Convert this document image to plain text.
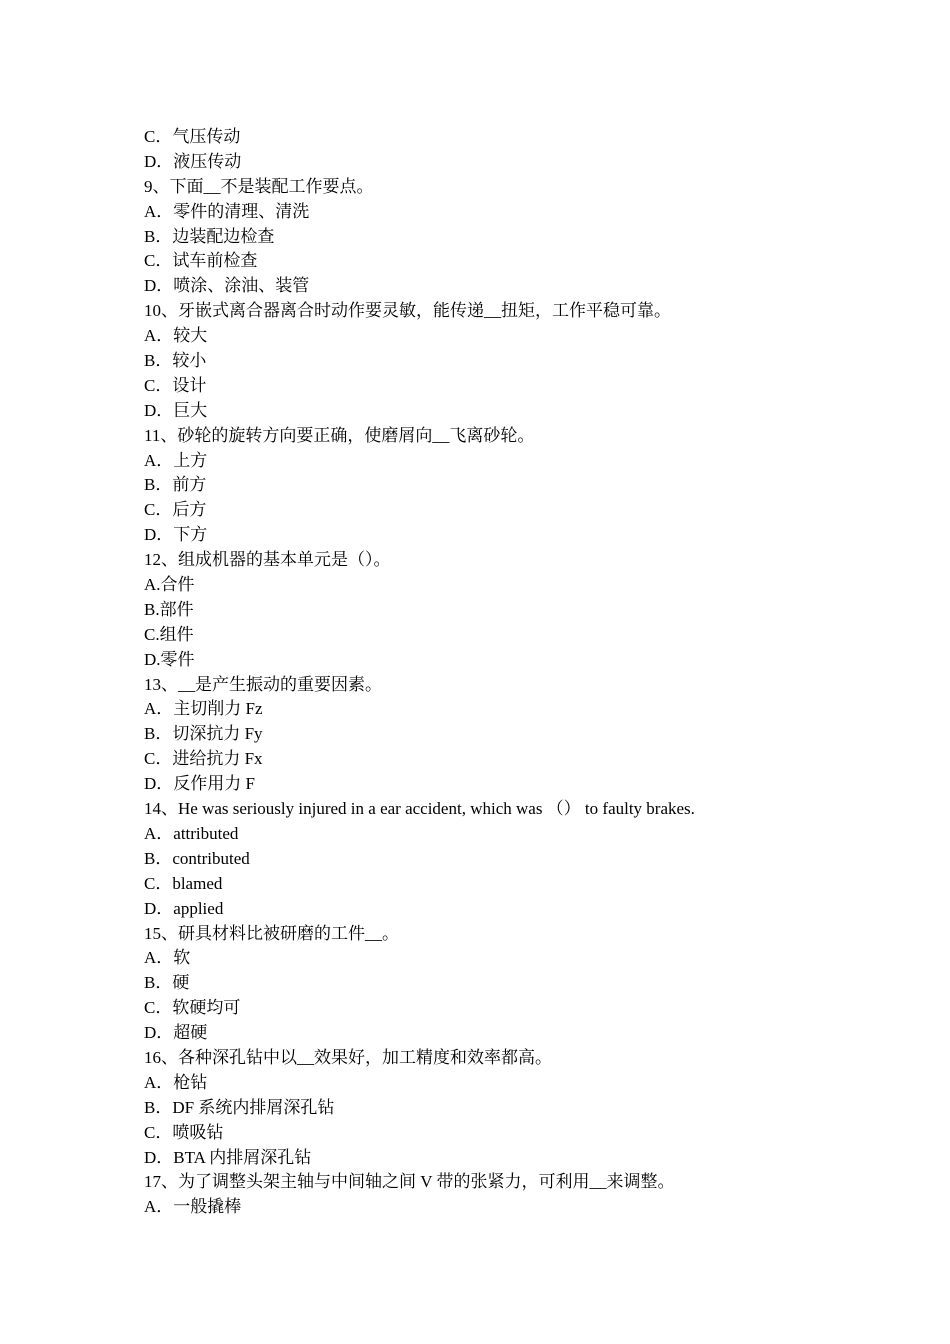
C．气压传动
D．液压传动
9、下面__不是装配工作要点。
A．零件的清理、清洗
B．边装配边检查
C．试车前检查
D．喷涂、涂油、装管
10、牙嵌式离合器离合时动作要灵敏，能传递__扭矩，工作平稳可靠。
A．较大
B．较小
C．设计
D．巨大
11、砂轮的旋转方向要正确，使磨屑向__飞离砂轮。
A．上方
B．前方
C．后方
D．下方
12、组成机器的基本单元是（）。
A.合件
B.部件
C.组件
D.零件
13、__是产生振动的重要因素。
A．主切削力 Fz
B．切深抗力 Fy
C．进给抗力 Fx
D．反作用力 F
14、He was seriously injured in a ear accident, which was （） to faulty brakes.
A．attributed
B．contributed
C．blamed
D．applied
15、研具材料比被研磨的工件__。
A．软
B．硬
C．软硬均可
D．超硬
16、各种深孔钻中以__效果好，加工精度和效率都高。
A．枪钻
B．DF 系统内排屑深孔钻
C．喷吸钻
D．BTA 内排屑深孔钻
17、为了调整头架主轴与中间轴之间 V 带的张紧力，可利用__来调整。
A．一般撬棒
